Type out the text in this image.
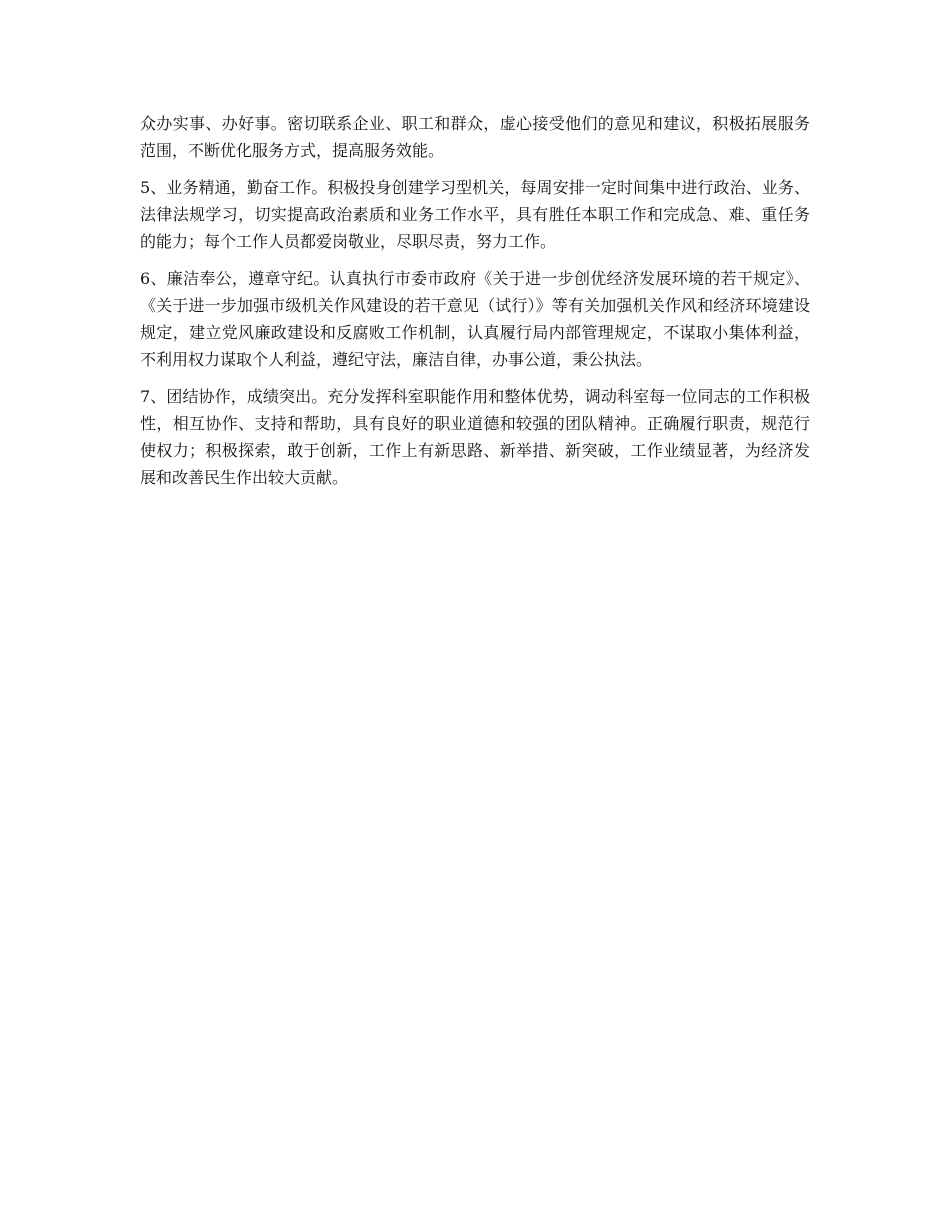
众办实事、办好事。密切联系企业、职工和群众，虚心接受他们的意见和建议，积极拓展服务范围，不断优化服务方式，提高服务效能。

5、业务精通，勤奋工作。积极投身创建学习型机关，每周安排一定时间集中进行政治、业务、法律法规学习，切实提高政治素质和业务工作水平，具有胜任本职工作和完成急、难、重任务的能力；每个工作人员都爱岗敬业，尽职尽责，努力工作。

6、廉洁奉公，遵章守纪。认真执行市委市政府《关于进一步创优经济发展环境的若干规定》、《关于进一步加强市级机关作风建设的若干意见（试行）》等有关加强机关作风和经济环境建设规定，建立党风廉政建设和反腐败工作机制，认真履行局内部管理规定，不谋取小集体利益，不利用权力谋取个人利益，遵纪守法，廉洁自律，办事公道，秉公执法。

7、团结协作，成绩突出。充分发挥科室职能作用和整体优势，调动科室每一位同志的工作积极性，相互协作、支持和帮助，具有良好的职业道德和较强的团队精神。正确履行职责，规范行使权力；积极探索，敢于创新，工作上有新思路、新举措、新突破，工作业绩显著，为经济发展和改善民生作出较大贡献。
